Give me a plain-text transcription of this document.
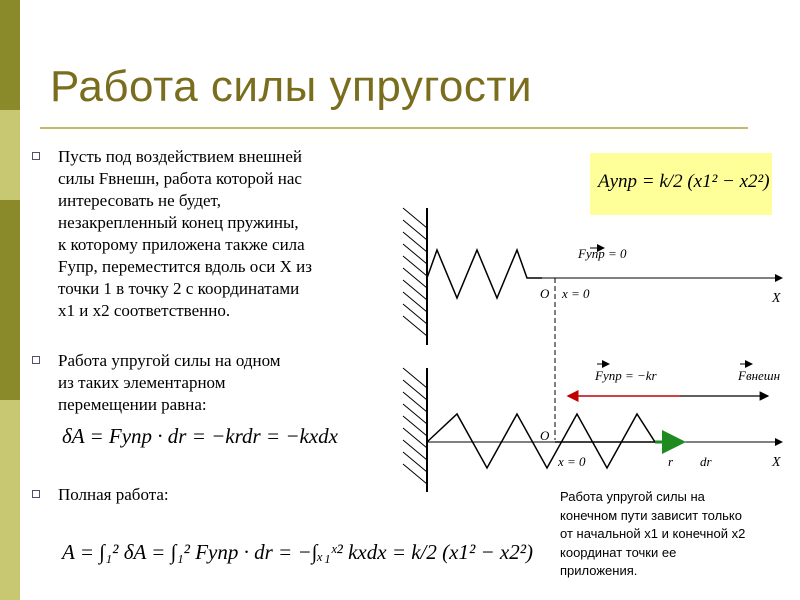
Работа силы упругости
Пусть под воздействием внешней
силы Fвнешн, работа которой нас
интересовать не будет,
незакрепленный конец пружины,
к которому приложена также сила
Fупр, переместится вдоль оси X из
точки 1 в точку 2 с координатами
x1 и x2 соответственно.
Работа упругой силы на одном
из таких элементарном
перемещении равна:
δA = Fупр · dr = −krdr = −kxdx
Полная работа:
A = ∫₁² δA = ∫₁² Fупр · dr = −∫ₓ₁ˣ² kxdx = k/2 (x1² − x2²)
Aупр = k/2 (x1² − x2²)
Fупр = 0
O x = 0	X
Fупр = −kr	Fвнешн
O
x = 0	r dr	X
Работа упругой силы на
конечном пути зависит только
от начальной x1 и конечной x2
координат точки ее
приложения.
